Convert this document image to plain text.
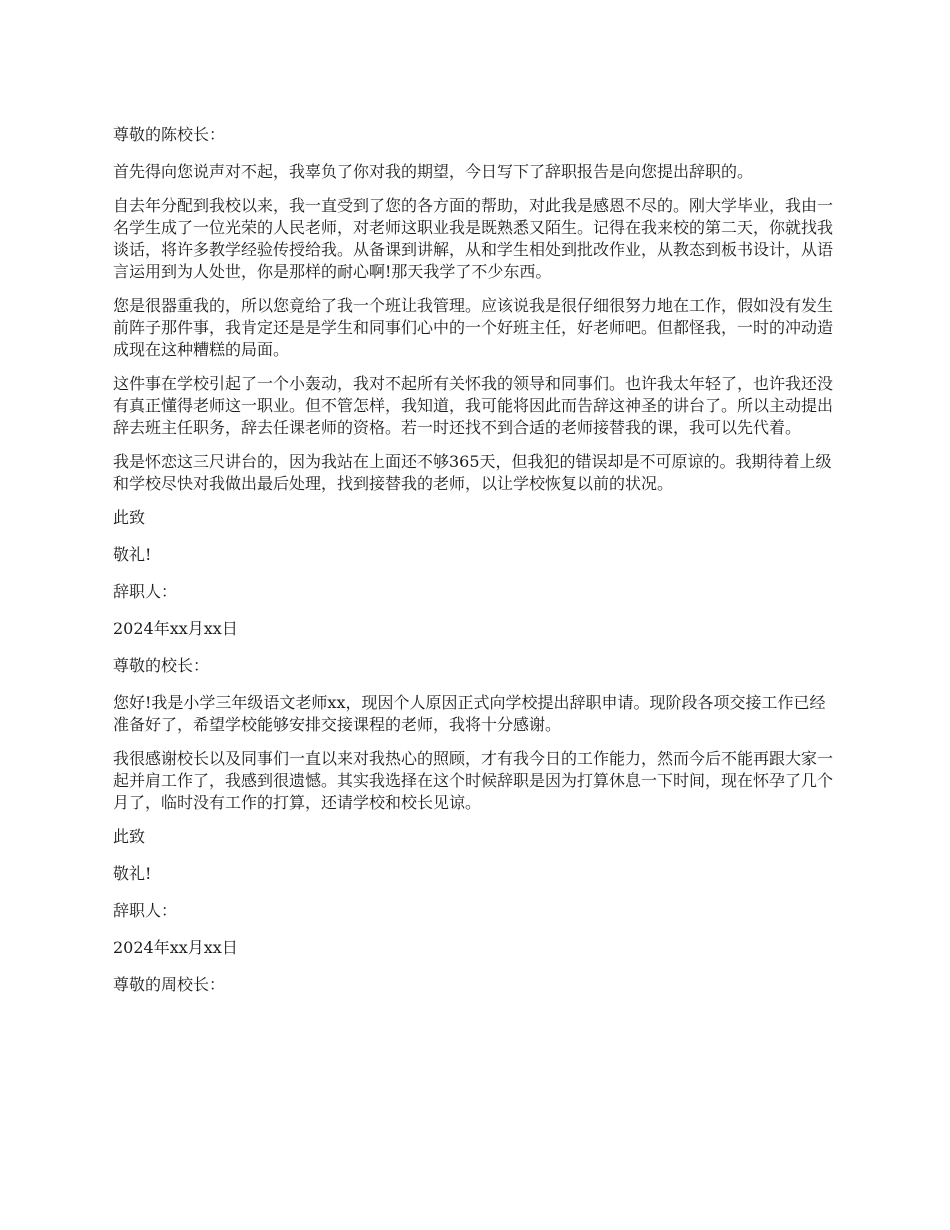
尊敬的陈校长：

首先得向您说声对不起，我辜负了你对我的期望，今日写下了辞职报告是向您提出辞职的。

自去年分配到我校以来，我一直受到了您的各方面的帮助，对此我是感恩不尽的。刚大学毕业，我由一名学生成了一位光荣的人民老师，对老师这职业我是既熟悉又陌生。记得在我来校的第二天，你就找我谈话，将许多教学经验传授给我。从备课到讲解，从和学生相处到批改作业，从教态到板书设计，从语言运用到为人处世，你是那样的耐心啊!那天我学了不少东西。

您是很器重我的，所以您竟给了我一个班让我管理。应该说我是很仔细很努力地在工作，假如没有发生前阵子那件事，我肯定还是是学生和同事们心中的一个好班主任，好老师吧。但都怪我，一时的冲动造成现在这种糟糕的局面。

这件事在学校引起了一个小轰动，我对不起所有关怀我的领导和同事们。也许我太年轻了，也许我还没有真正懂得老师这一职业。但不管怎样，我知道，我可能将因此而告辞这神圣的讲台了。所以主动提出辞去班主任职务，辞去任课老师的资格。若一时还找不到合适的老师接替我的课，我可以先代着。

我是怀恋这三尺讲台的，因为我站在上面还不够365天，但我犯的错误却是不可原谅的。我期待着上级和学校尽快对我做出最后处理，找到接替我的老师，以让学校恢复以前的状况。

此致

敬礼!

辞职人：

2024年xx月xx日

尊敬的校长：

您好!我是小学三年级语文老师xx，现因个人原因正式向学校提出辞职申请。现阶段各项交接工作已经准备好了，希望学校能够安排交接课程的老师，我将十分感谢。

我很感谢校长以及同事们一直以来对我热心的照顾，才有我今日的工作能力，然而今后不能再跟大家一起并肩工作了，我感到很遗憾。其实我选择在这个时候辞职是因为打算休息一下时间，现在怀孕了几个月了，临时没有工作的打算，还请学校和校长见谅。

此致

敬礼!

辞职人：

2024年xx月xx日

尊敬的周校长：
